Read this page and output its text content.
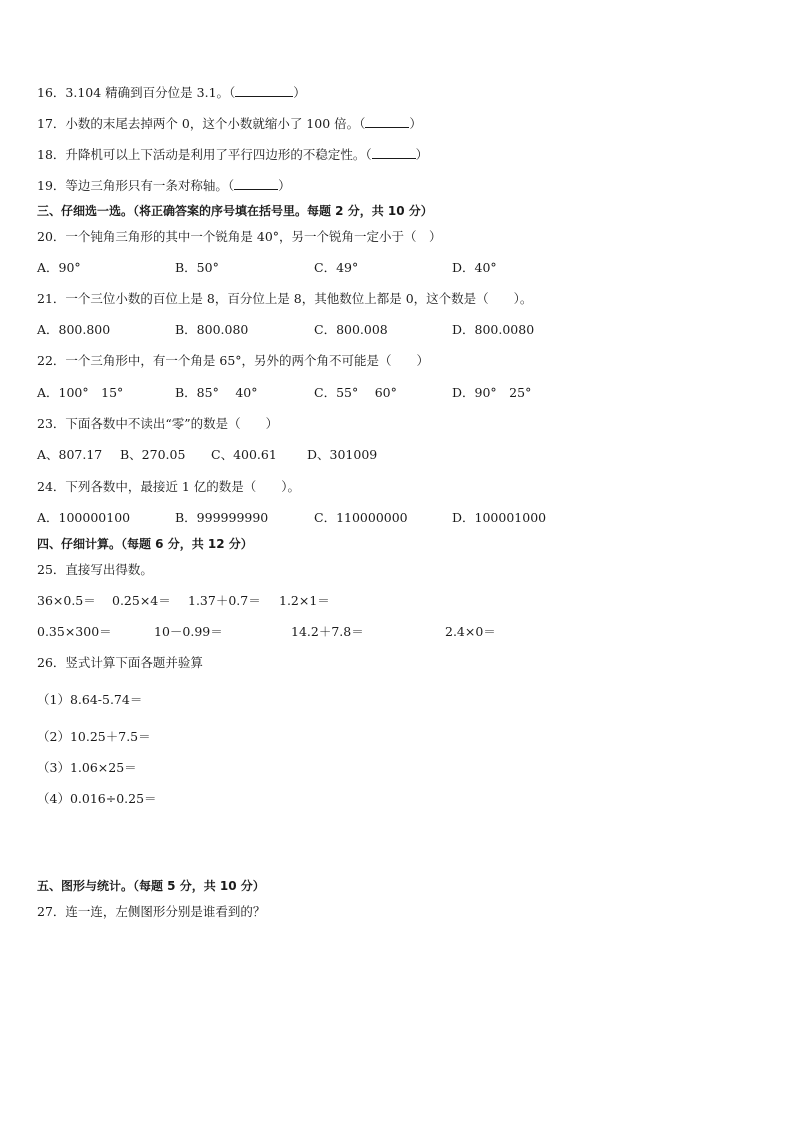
16．3.104 精确到百分位是 3.1。（	）
17．小数的末尾去掉两个 0，这个小数就缩小了 100 倍。（	）
18．升降机可以上下活动是利用了平行四边形的不稳定性。（	）
19．等边三角形只有一条对称轴。（	）
三、仔细选一选。（将正确答案的序号填在括号里。每题 2 分，共 10 分）
20．一个钝角三角形的其中一个锐角是 40°，另一个锐角一定小于（　）
A．90°	B．50°	C．49°	D．40°
21．一个三位小数的百位上是 8，百分位上是 8，其他数位上都是 0，这个数是（　　）。
A．800.800	B．800.080	C．800.008	D．800.0080
22．一个三角形中，有一个角是 65°，另外的两个角不可能是（　　）
A．100°　15°	B．85°　 40°	C．55°　 60°	D．90°　25°
23．下面各数中不读出“零”的数是（　　）
A、807.17 B、270.05 C、400.61 D、301009
24．下列各数中，最接近 1 亿的数是（　　）。
A．100000100	B．999999990	C．110000000	D．100001000
四、仔细计算。（每题 6 分，共 12 分）
25．直接写出得数。
36×0.5＝ 0.25×4＝ 1.37＋0.7＝ 1.2×1＝
0.35×300＝	10－0.99＝	14.2＋7.8＝	2.4×0＝
26．竖式计算下面各题并验算
（1）8.64-5.74＝
（2）10.25＋7.5＝
（3）1.06×25＝
（4）0.016÷0.25＝
五、图形与统计。（每题 5 分，共 10 分）
27．连一连，左侧图形分别是谁看到的？
